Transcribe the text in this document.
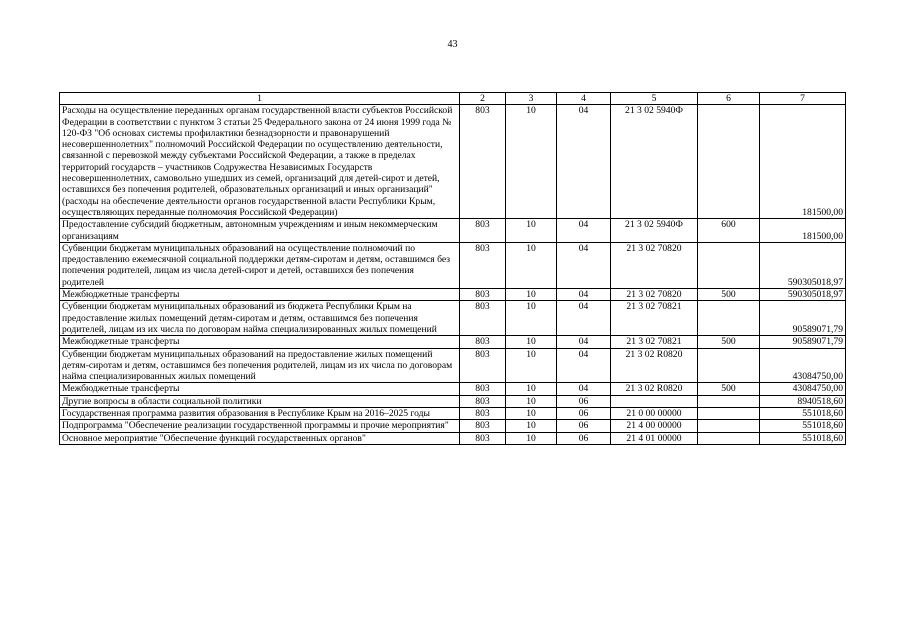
43
1	2	3	4	5	6	7
Расходы на осуществление переданных органам государственной власти субъектов Российской Федерации в соответствии с пунктом 3 статьи 25 Федерального закона от 24 июня 1999 года № 120-ФЗ "Об основах системы профилактики безнадзорности и правонарушений несовершеннолетних" полномочий Российской Федерации по осуществлению деятельности, связанной с перевозкой между субъектами Российской Федерации, а также в пределах территорий государств – участников Содружества Независимых Государств несовершеннолетних, самовольно ушедших из семей, организаций для детей-сирот и детей, оставшихся без попечения родителей, образовательных организаций и иных организаций" (расходы на обеспечение деятельности органов государственной власти Республики Крым, осуществляющих переданные полномочия Российской Федерации)	803	10	04	21 3 02 5940Ф		181500,00
Предоставление субсидий бюджетным, автономным учреждениям и иным некоммерческим организациям	803	10	04	21 3 02 5940Ф	600	181500,00
Субвенции бюджетам муниципальных образований на осуществление полномочий по предоставлению ежемесячной социальной поддержки детям-сиротам и детям, оставшимся без попечения родителей, лицам из числа детей-сирот и детей, оставшихся без попечения родителей	803	10	04	21 3 02 70820		590305018,97
Межбюджетные трансферты	803	10	04	21 3 02 70820	500	590305018,97
Субвенции бюджетам муниципальных образований из бюджета Республики Крым на предоставление жилых помещений детям-сиротам и детям, оставшимся без попечения родителей, лицам из их числа по договорам найма специализированных жилых помещений	803	10	04	21 3 02 70821		90589071,79
Межбюджетные трансферты	803	10	04	21 3 02 70821	500	90589071,79
Субвенции бюджетам муниципальных образований на предоставление жилых помещений детям-сиротам и детям, оставшимся без попечения родителей, лицам из их числа по договорам найма специализированных жилых помещений	803	10	04	21 3 02 R0820		43084750,00
Межбюджетные трансферты	803	10	04	21 3 02 R0820	500	43084750,00
Другие вопросы в области социальной политики	803	10	06			8940518,60
Государственная программа развития образования в Республике Крым на 2016–2025 годы	803	10	06	21 0 00 00000		551018,60
Подпрограмма "Обеспечение реализации государственной программы и прочие мероприятия"	803	10	06	21 4 00 00000		551018,60
Основное мероприятие "Обеспечение функций государственных органов"	803	10	06	21 4 01 00000		551018,60
